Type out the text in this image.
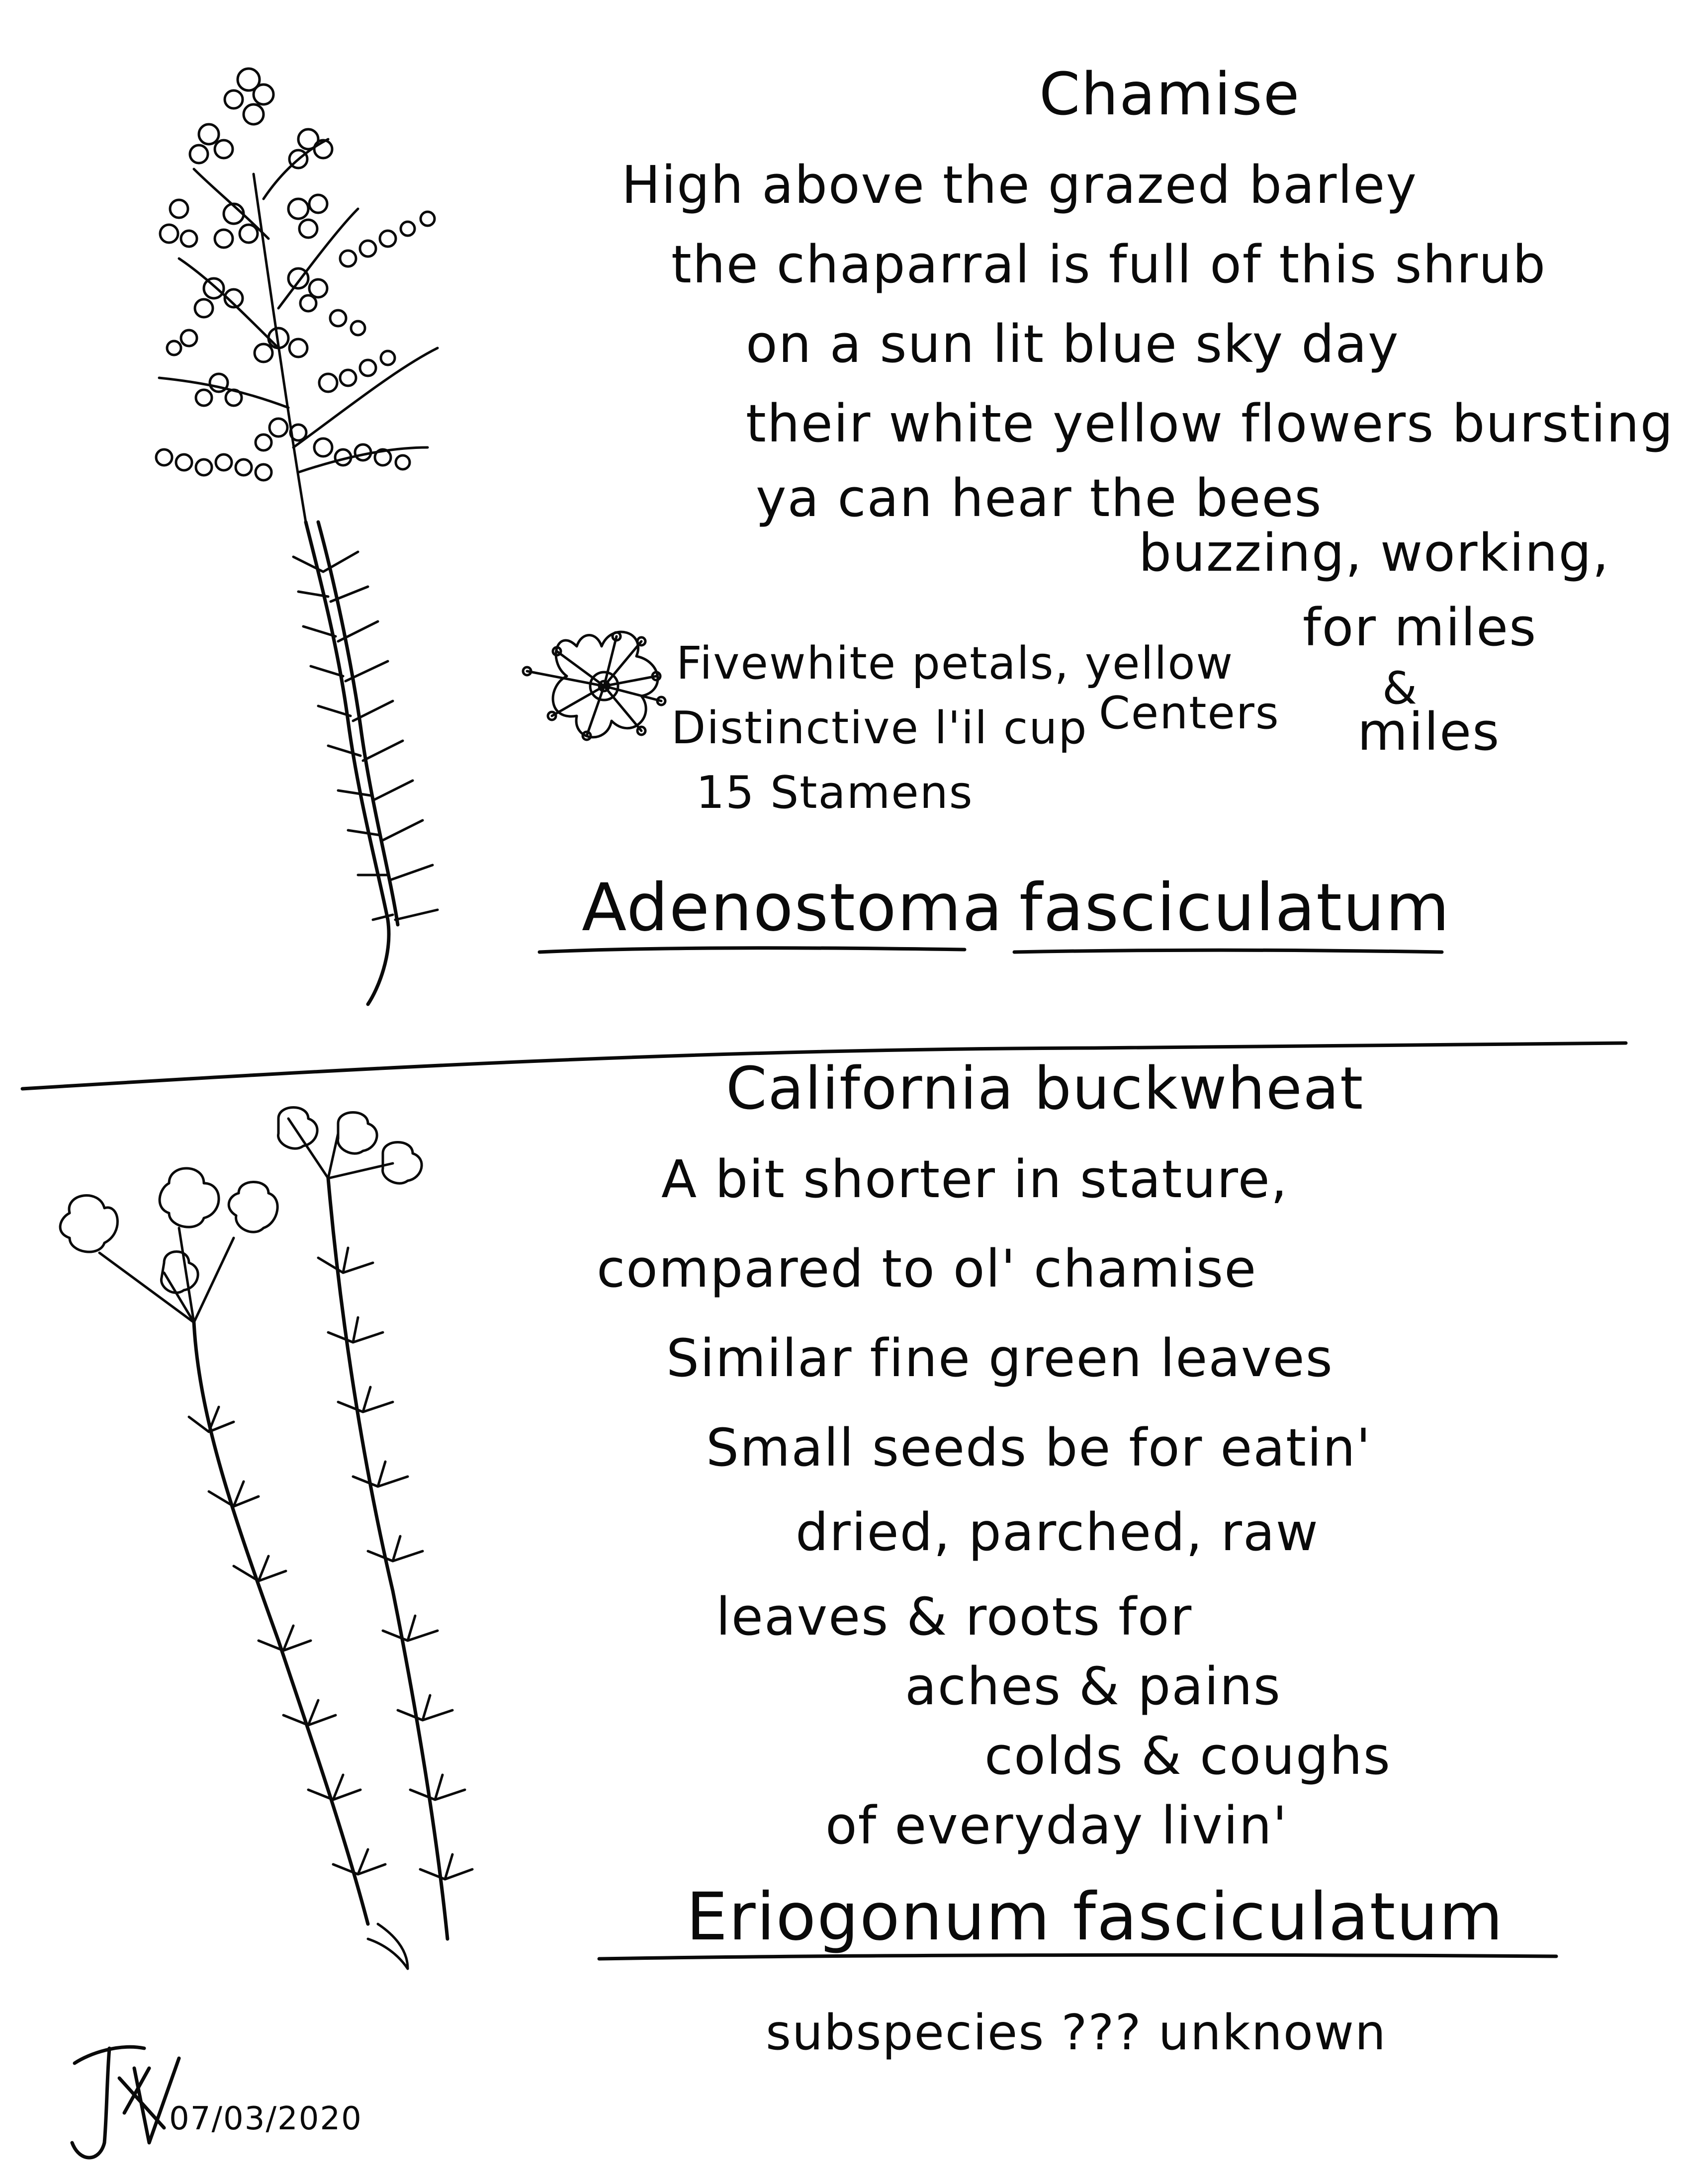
Chamise
High above the grazed barley
the chaparral is full of this shrub
on a sun lit blue sky day
their white yellow flowers bursting
ya can hear the bees
buzzing, working,
for miles
&
miles
Fivewhite petals, yellow
Centers
Distinctive l'il cup
15 Stamens
Adenostoma fasciculatum
California buckwheat
A bit shorter in stature,
compared to ol' chamise
Similar fine green leaves
Small seeds be for eatin'
dried, parched, raw
leaves & roots for
aches & pains
colds & coughs
of everyday livin'
Eriogonum fasciculatum
subspecies ??? unknown
07/03/2020
